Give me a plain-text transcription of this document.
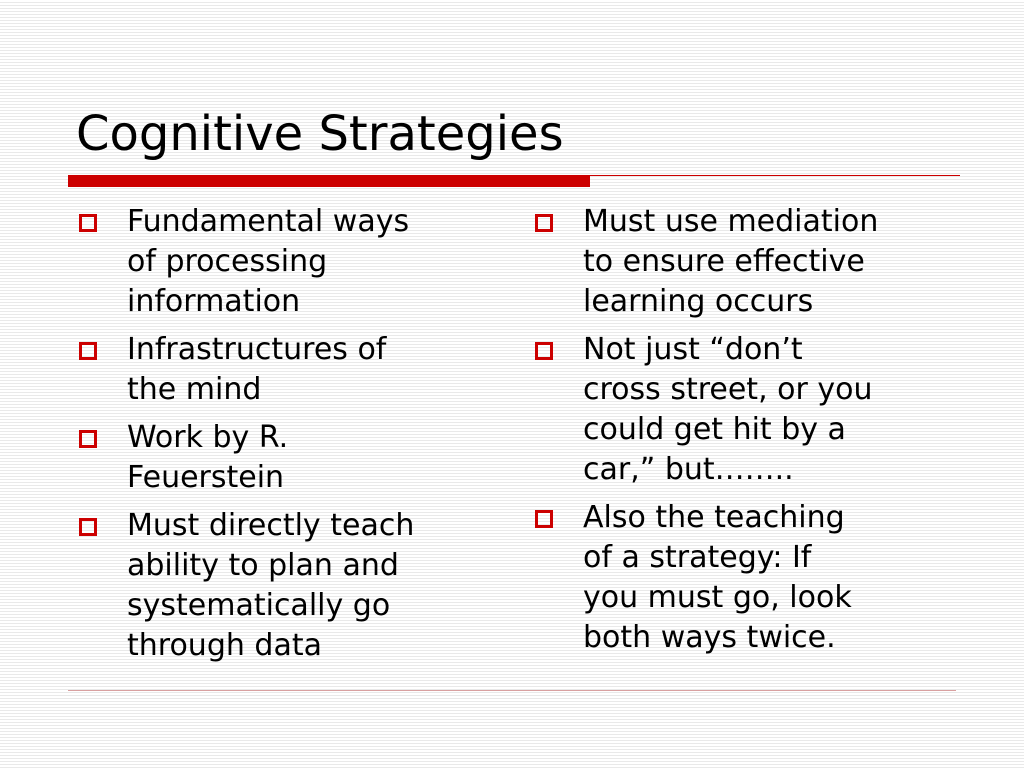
Cognitive Strategies
Fundamental ways
of processing
information
Infrastructures of
the mind
Work by R.
Feuerstein
Must directly teach
ability to plan and
systematically go
through data
Must use mediation
to ensure effective
learning occurs
Not just “don’t
cross street, or you
could get hit by a
car,” but……..
Also the teaching
of a strategy: If
you must go, look
both ways twice.
